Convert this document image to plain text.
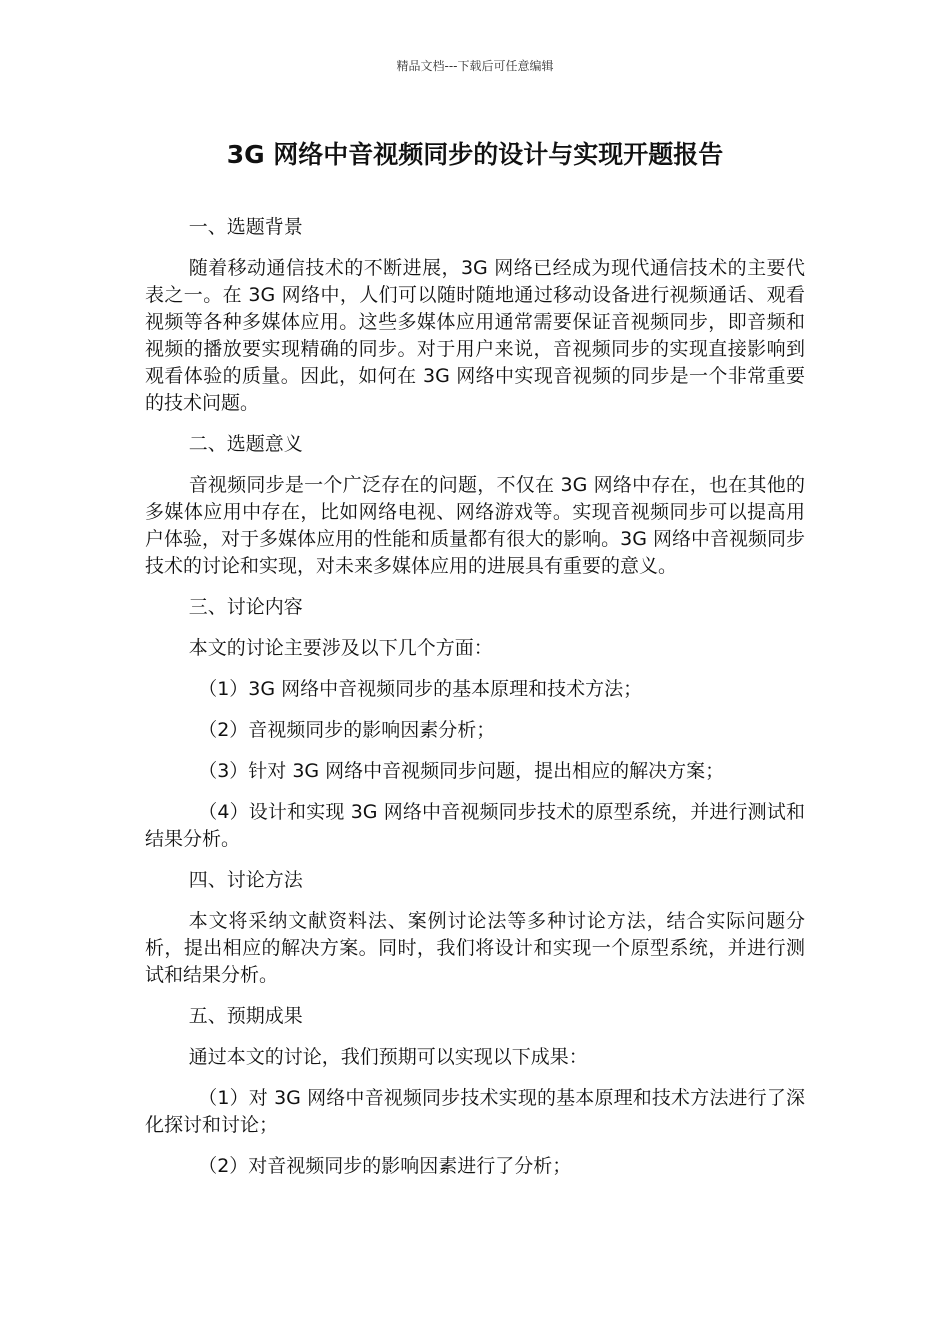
精品文档---下载后可任意编辑
3G 网络中音视频同步的设计与实现开题报告
一、选题背景
随着移动通信技术的不断进展，3G 网络已经成为现代通信技术的主要代表之一。在 3G 网络中，人们可以随时随地通过移动设备进行视频通话、观看视频等各种多媒体应用。这些多媒体应用通常需要保证音视频同步，即音频和视频的播放要实现精确的同步。对于用户来说，音视频同步的实现直接影响到观看体验的质量。因此，如何在 3G 网络中实现音视频的同步是一个非常重要的技术问题。
二、选题意义
音视频同步是一个广泛存在的问题，不仅在 3G 网络中存在，也在其他的多媒体应用中存在，比如网络电视、网络游戏等。实现音视频同步可以提高用户体验，对于多媒体应用的性能和质量都有很大的影响。3G 网络中音视频同步技术的讨论和实现，对未来多媒体应用的进展具有重要的意义。
三、讨论内容
本文的讨论主要涉及以下几个方面：
（1）3G 网络中音视频同步的基本原理和技术方法；
（2）音视频同步的影响因素分析；
（3）针对 3G 网络中音视频同步问题，提出相应的解决方案；
（4）设计和实现 3G 网络中音视频同步技术的原型系统，并进行测试和结果分析。
四、讨论方法
本文将采纳文献资料法、案例讨论法等多种讨论方法，结合实际问题分析，提出相应的解决方案。同时，我们将设计和实现一个原型系统，并进行测试和结果分析。
五、预期成果
通过本文的讨论，我们预期可以实现以下成果：
（1）对 3G 网络中音视频同步技术实现的基本原理和技术方法进行了深化探讨和讨论；
（2）对音视频同步的影响因素进行了分析；
